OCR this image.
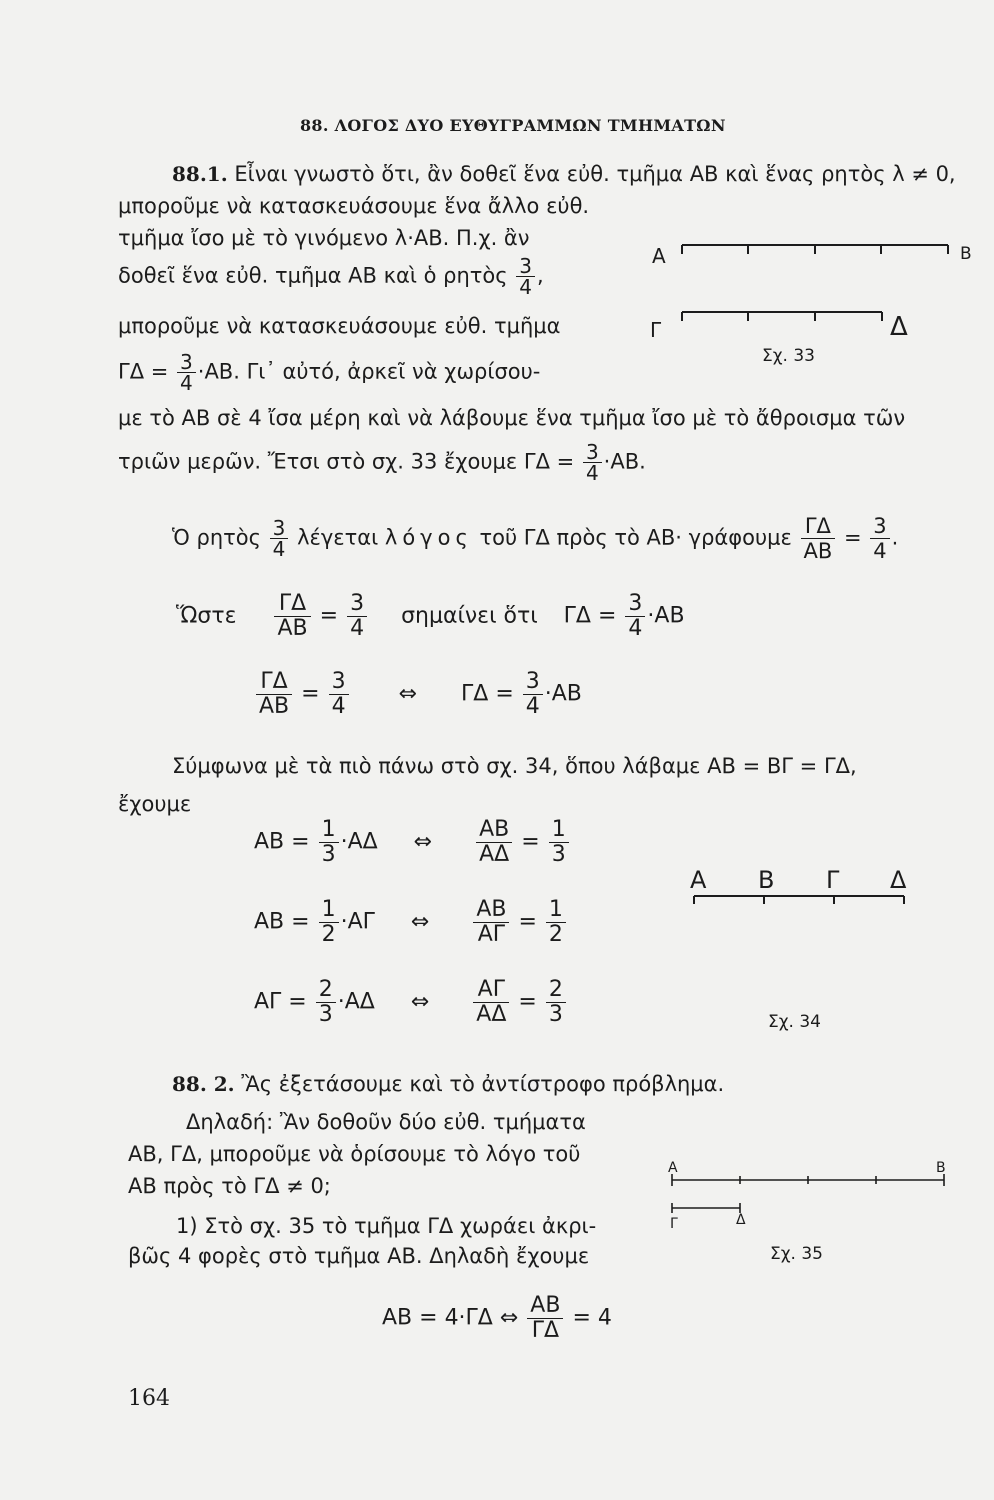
88. ΛΟΓΟΣ ΔΥΟ ΕΥΘΥΓΡΑΜΜΩΝ ΤΜΗΜΑΤΩΝ
88.1. Εἶναι γνωστὸ ὅτι, ἂν δοθεῖ ἕνα εὐθ. τμῆμα ΑΒ καὶ ἕνας ρητὸς λ ≠ 0,
μποροῦμε νὰ κατασκευάσουμε ἕνα ἄλλο εὐθ.
τμῆμα ἴσο μὲ τὸ γινόμενο λ·ΑΒ. Π.χ. ἂν
δοθεῖ ἕνα εὐθ. τμῆμα ΑΒ καὶ ὁ ρητὸς $\frac{3}{4}$ ,
μποροῦμε νὰ κατασκευάσουμε εὐθ. τμῆμα
$\Gamma\Delta = \frac{3}{4} \cdot AB$. Γι᾽ αὐτό, ἀρκεῖ νὰ χωρίσου-
με τὸ ΑΒ σὲ 4 ἴσα μέρη καὶ νὰ λάβουμε ἕνα τμῆμα ἴσο μὲ τὸ ἄθροισμα τῶν
τριῶν μερῶν. Ἔτσι στὸ σχ. 33 ἔχουμε $\Gamma\Delta = \frac{3}{4} \cdot AB$.
Ὁ ρητὸς $\frac{3}{4}$ λέγεται λόγος τοῦ ΓΔ πρὸς τὸ ΑΒ· γράφουμε $\frac{\Gamma\Delta}{AB} = \frac{3}{4}$ .
Ὥστε $\frac{\Gamma\Delta}{AB} = \frac{3}{4}$ σημαίνει ὅτι $\Gamma\Delta = \frac{3}{4} \cdot AB$
$\frac{\Gamma\Delta}{AB} = \frac{3}{4}$ ⇔ $\Gamma\Delta = \frac{3}{4} \cdot AB$
Σύμφωνα μὲ τὰ πιὸ πάνω στὸ σχ. 34, ὅπου λάβαμε ΑΒ = ΒΓ = ΓΔ,
ἔχουμε
$AB = \frac{1}{3} \cdot A\Delta$ ⇔ $\frac{AB}{A\Delta} = \frac{1}{3}$
$AB = \frac{1}{2} \cdot A\Gamma$ ⇔ $\frac{AB}{A\Gamma} = \frac{1}{2}$
$A\Gamma = \frac{2}{3} \cdot A\Delta$ ⇔ $\frac{A\Gamma}{A\Delta} = \frac{2}{3}$
88. 2. Ἂς ἐξετάσουμε καὶ τὸ ἀντίστροφο πρόβλημα.
Δηλαδή: Ἂν δοθοῦν δύο εὐθ. τμήματα
ΑΒ, ΓΔ, μποροῦμε νὰ ὁρίσουμε τὸ λόγο τοῦ
ΑΒ πρὸς τὸ ΓΔ ≠ 0;
1) Στὸ σχ. 35 τὸ τμῆμα ΓΔ χωράει ἀκρι-
βῶς 4 φορὲς στὸ τμῆμα ΑΒ. Δηλαδὴ ἔχουμε
ΑΒ = 4·ΓΔ ⇔ $\frac{AB}{\Gamma\Delta} = 4$
Α	Β
Γ	Δ
Σχ. 33
Α Β Γ Δ
Σχ. 34
Α	Β
Γ	Δ
Σχ. 35
164
